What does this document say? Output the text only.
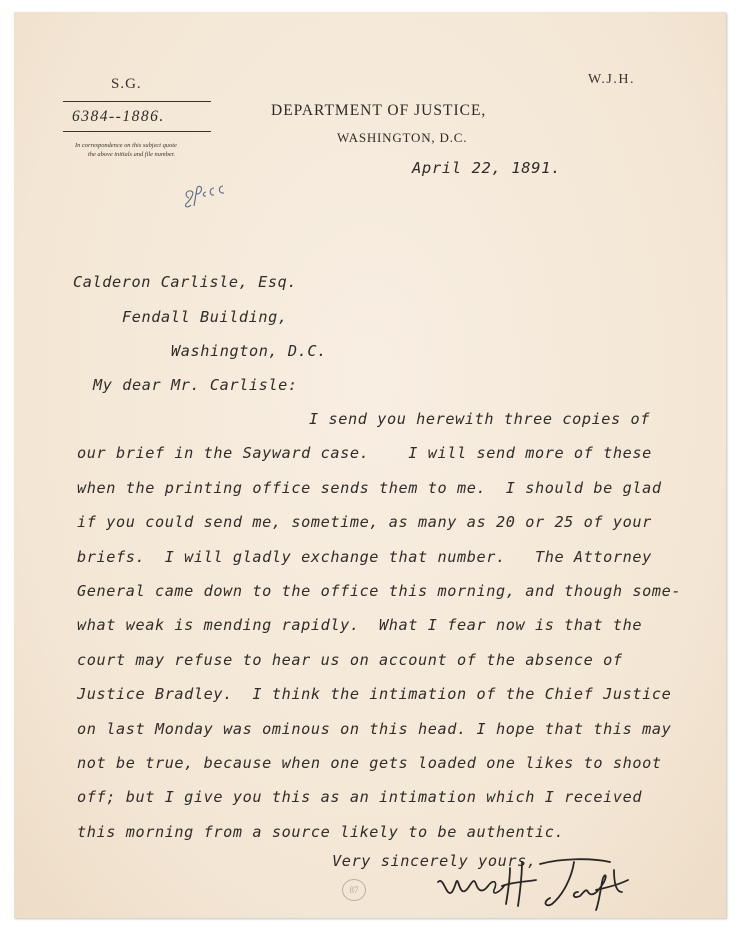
S.G.
6384--1886.
In correspondence on this subject quote
the above initials and file number.
DEPARTMENT OF JUSTICE,
WASHINGTON, D.C.
W.J.H.
April 22, 1891.
Calderon Carlisle, Esq.
Fendall Building,
Washington, D.C.
My dear Mr. Carlisle:
I send you herewith three copies of
our brief in the Sayward case.    I will send more of these
when the printing office sends them to me.  I should be glad
if you could send me, sometime, as many as 20 or 25 of your
briefs.  I will gladly exchange that number.   The Attorney
General came down to the office this morning, and though some-
what weak is mending rapidly.  What I fear now is that the
court may refuse to hear us on account of the absence of
Justice Bradley.  I think the intimation of the Chief Justice
on last Monday was ominous on this head. I hope that this may
not be true, because when one gets loaded one likes to shoot
off; but I give you this as an intimation which I received
this morning from a source likely to be authentic.
Very sincerely yours,
87
